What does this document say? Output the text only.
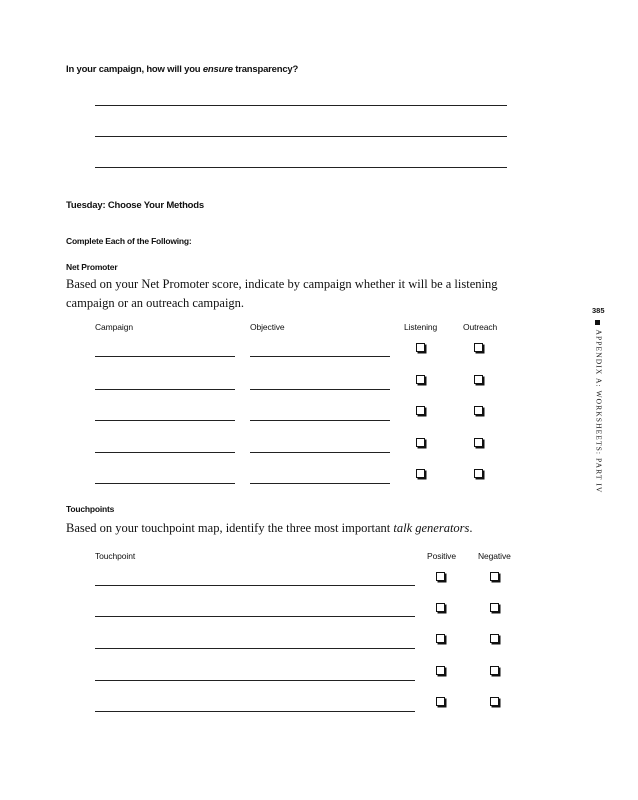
In your campaign, how will you ensure transparency?
Tuesday: Choose Your Methods
Complete Each of the Following:
Net Promoter
Based on your Net Promoter score, indicate by campaign whether it will be a listening campaign or an outreach campaign.
Campaign	Objective	Listening	Outreach
Touchpoints
Based on your touchpoint map, identify the three most important talk generators.
Touchpoint	Positive	Negative
385
APPENDIX A: WORKSHEETS: PART IV
